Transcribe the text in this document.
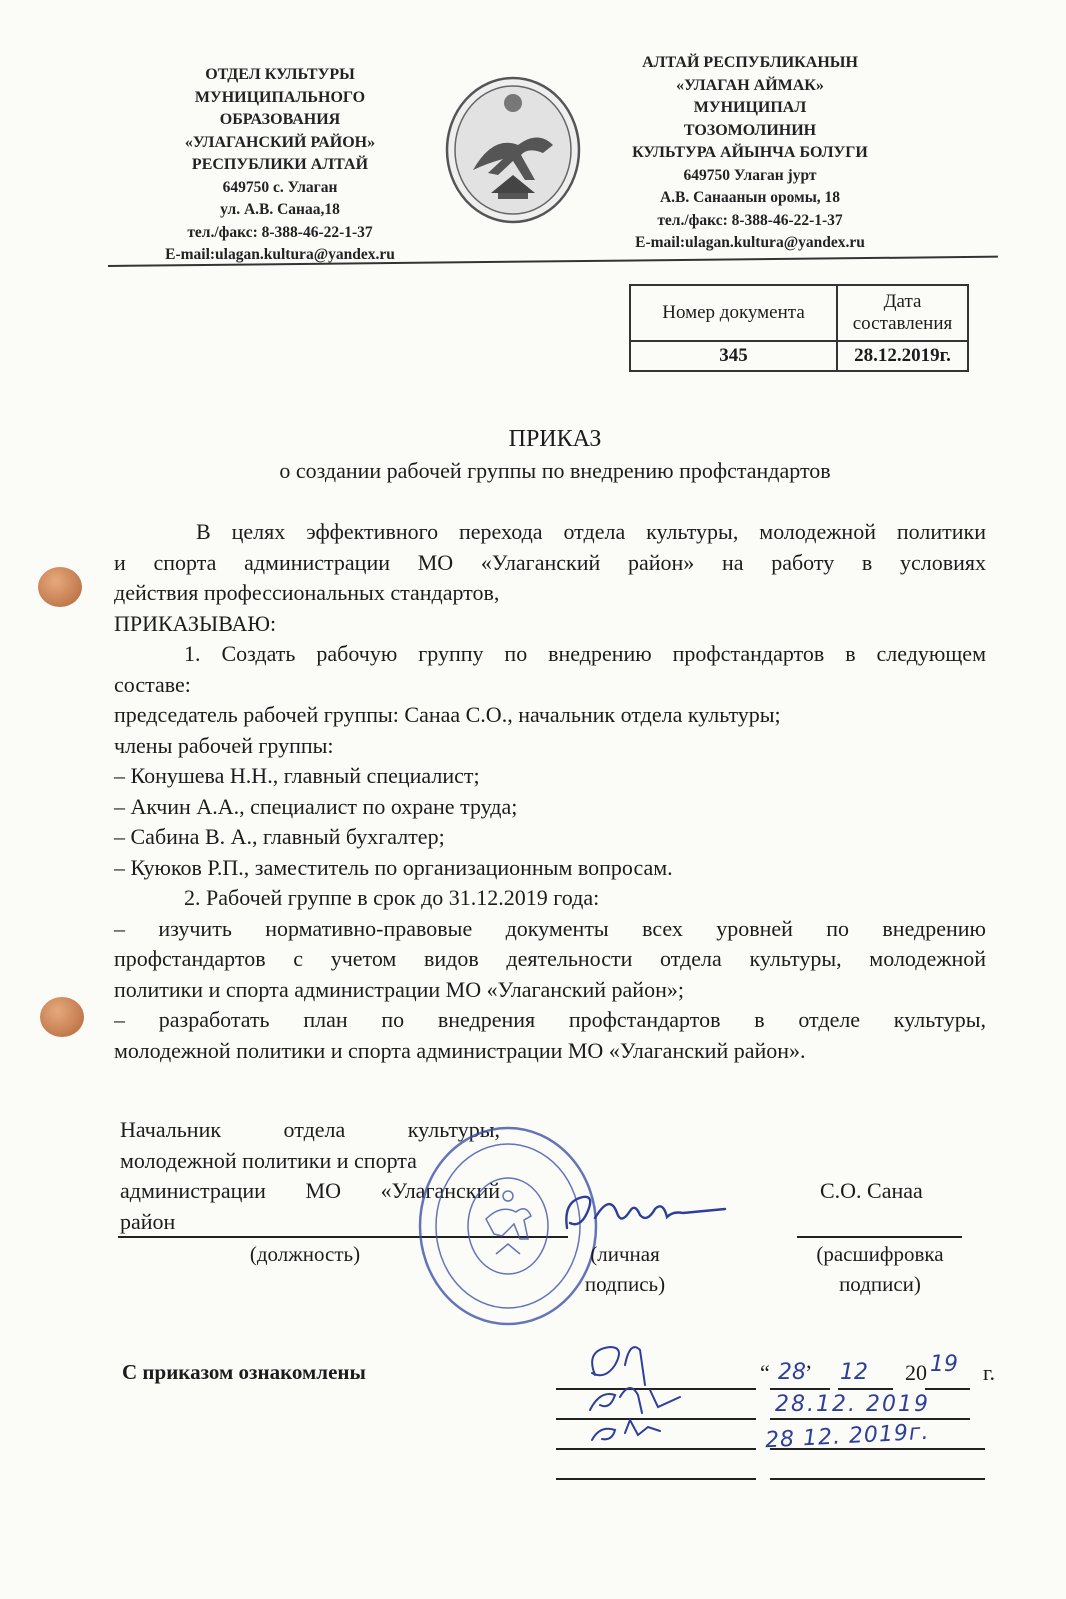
ОТДЕЛ КУЛЬТУРЫ
МУНИЦИПАЛЬНОГО
ОБРАЗОВАНИЯ
«УЛАГАНСКИЙ РАЙОН»
РЕСПУБЛИКИ АЛТАЙ
649750 с. Улаган
ул. А.В. Санаа,18
тел./факс: 8-388-46-22-1-37
E-mail:ulagan.kultura@yandex.ru
АЛТАЙ РЕСПУБЛИКАНЫН
«УЛАГАН АЙМАК»
МУНИЦИПАЛ
ТОЗОМОЛИНИН
КУЛЬТУРА АЙЫНЧА БОЛУГИ
649750 Улаган јурт
А.В. Санаанын оромы, 18
тел./факс: 8-388-46-22-1-37
E-mail:ulagan.kultura@yandex.ru
Номер документа	Дата составления
345	28.12.2019г.
ПРИКАЗ
о создании рабочей группы по внедрению профстандартов
В целях эффективного перехода отдела культуры, молодежной политики
и спорта администрации МО «Улаганский район» на работу в условиях
действия профессиональных стандартов,
ПРИКАЗЫВАЮ:
1. Создать рабочую группу по внедрению профстандартов в следующем
составе:
председатель рабочей группы: Санаа С.О., начальник отдела культуры;
члены рабочей группы:
– Конушева Н.Н., главный специалист;
– Акчин А.А., специалист по охране труда;
– Сабина В. А., главный бухгалтер;
– Куюков Р.П., заместитель по организационным вопросам.
2. Рабочей группе в срок до 31.12.2019 года:
– изучить нормативно-правовые документы всех уровней по внедрению
профстандартов с учетом видов деятельности отдела культуры, молодежной
политики и спорта администрации МО «Улаганский район»;
– разработать план по внедрения профстандартов в отделе культуры,
молодежной политики и спорта администрации МО «Улаганский район».
Начальник отдела культуры,
молодежной политики и спорта
администрации МО «Улаганский
район
(должность)	(личная подпись)
С.О. Санаа
(расшифровка подписи)
С приказом ознакомлены	“ 28 ’ 12 20 19 г.
28.12. 2019
28 12. 2019г.
